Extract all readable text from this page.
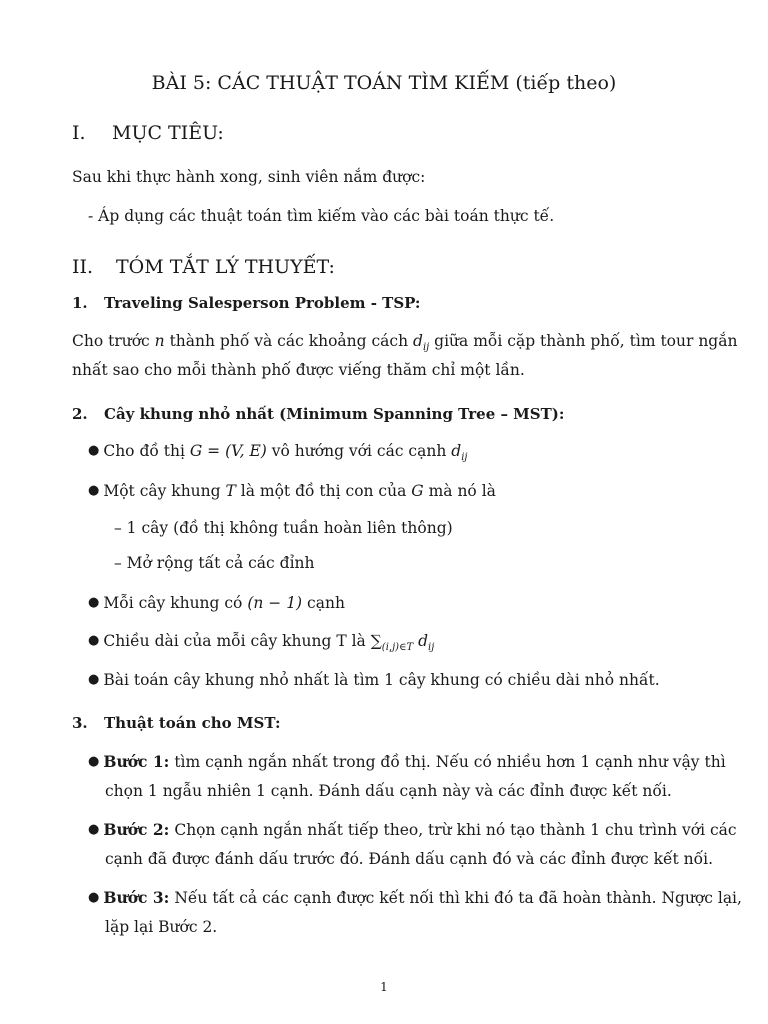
BÀI 5: CÁC THUẬT TOÁN TÌM KIẾM (tiếp theo)
I. MỤC TIÊU:
Sau khi thực hành xong, sinh viên nắm được:
- Áp dụng các thuật toán tìm kiếm vào các bài toán thực tế.
II. TÓM TẮT LÝ THUYẾT:
1. Traveling Salesperson Problem - TSP:
Cho trước n thành phố và các khoảng cách $d_{ij}$ giữa mỗi cặp thành phố, tìm tour ngắn
nhất sao cho mỗi thành phố được viếng thăm chỉ một lần.
2. Cây khung nhỏ nhất (Minimum Spanning Tree – MST):
● Cho đồ thị G = (V, E) vô hướng với các cạnh $d_{ij}$
● Một cây khung T là một đồ thị con của G mà nó là
– 1 cây (đồ thị không tuần hoàn liên thông)
– Mở rộng tất cả các đỉnh
● Mỗi cây khung có (n − 1) cạnh
● Chiều dài của mỗi cây khung T là $\sum_{(i,j)\in T}$ $d_{ij}$
● Bài toán cây khung nhỏ nhất là tìm 1 cây khung có chiều dài nhỏ nhất.
3. Thuật toán cho MST:
● Bước 1: tìm cạnh ngắn nhất trong đồ thị. Nếu có nhiều hơn 1 cạnh như vậy thì
chọn 1 ngẫu nhiên 1 cạnh. Đánh dấu cạnh này và các đỉnh được kết nối.
● Bước 2: Chọn cạnh ngắn nhất tiếp theo, trừ khi nó tạo thành 1 chu trình với các
cạnh đã được đánh dấu trước đó. Đánh dấu cạnh đó và các đỉnh được kết nối.
● Bước 3: Nếu tất cả các cạnh được kết nối thì khi đó ta đã hoàn thành. Ngược lại,
lặp lại Bước 2.
1
